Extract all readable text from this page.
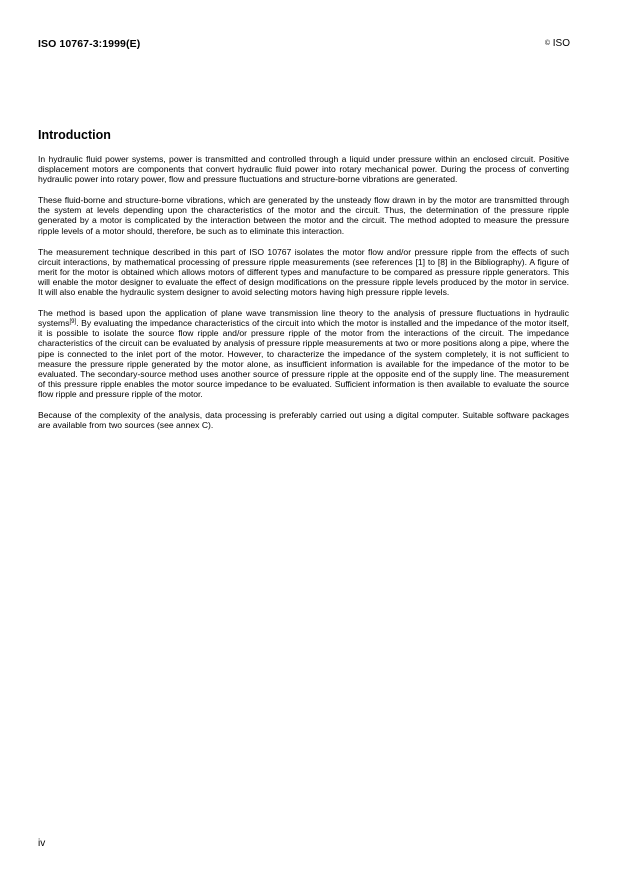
ISO 10767-3:1999(E)	© ISO
Introduction

In hydraulic fluid power systems, power is transmitted and controlled through a liquid under pressure within an enclosed circuit. Positive displacement motors are components that convert hydraulic fluid power into rotary mechanical power. During the process of converting hydraulic power into rotary power, flow and pressure fluctuations and structure-borne vibrations are generated.

These fluid-borne and structure-borne vibrations, which are generated by the unsteady flow drawn in by the motor are transmitted through the system at levels depending upon the characteristics of the motor and the circuit. Thus, the determination of the pressure ripple generated by a motor is complicated by the interaction between the motor and the circuit. The method adopted to measure the pressure ripple levels of a motor should, therefore, be such as to eliminate this interaction.

The measurement technique described in this part of ISO 10767 isolates the motor flow and/or pressure ripple from the effects of such circuit interactions, by mathematical processing of pressure ripple measurements (see references [1] to [8] in the Bibliography). A figure of merit for the motor is obtained which allows motors of different types and manufacture to be compared as pressure ripple generators. This will enable the motor designer to evaluate the effect of design modifications on the pressure ripple levels produced by the motor in service. It will also enable the hydraulic system designer to avoid selecting motors having high pressure ripple levels.

The method is based upon the application of plane wave transmission line theory to the analysis of pressure fluctuations in hydraulic systems[9]. By evaluating the impedance characteristics of the circuit into which the motor is installed and the impedance of the motor itself, it is possible to isolate the source flow ripple and/or pressure ripple of the motor from the interactions of the circuit. The impedance characteristics of the circuit can be evaluated by analysis of pressure ripple measurements at two or more positions along a pipe, where the pipe is connected to the inlet port of the motor. However, to characterize the impedance of the system completely, it is not sufficient to measure the pressure ripple generated by the motor alone, as insufficient information is available for the impedance of the motor to be evaluated. The secondary-source method uses another source of pressure ripple at the opposite end of the supply line. The measurement of this pressure ripple enables the motor source impedance to be evaluated. Sufficient information is then available to evaluate the source flow ripple and pressure ripple of the motor.

Because of the complexity of the analysis, data processing is preferably carried out using a digital computer. Suitable software packages are available from two sources (see annex C).

iv
